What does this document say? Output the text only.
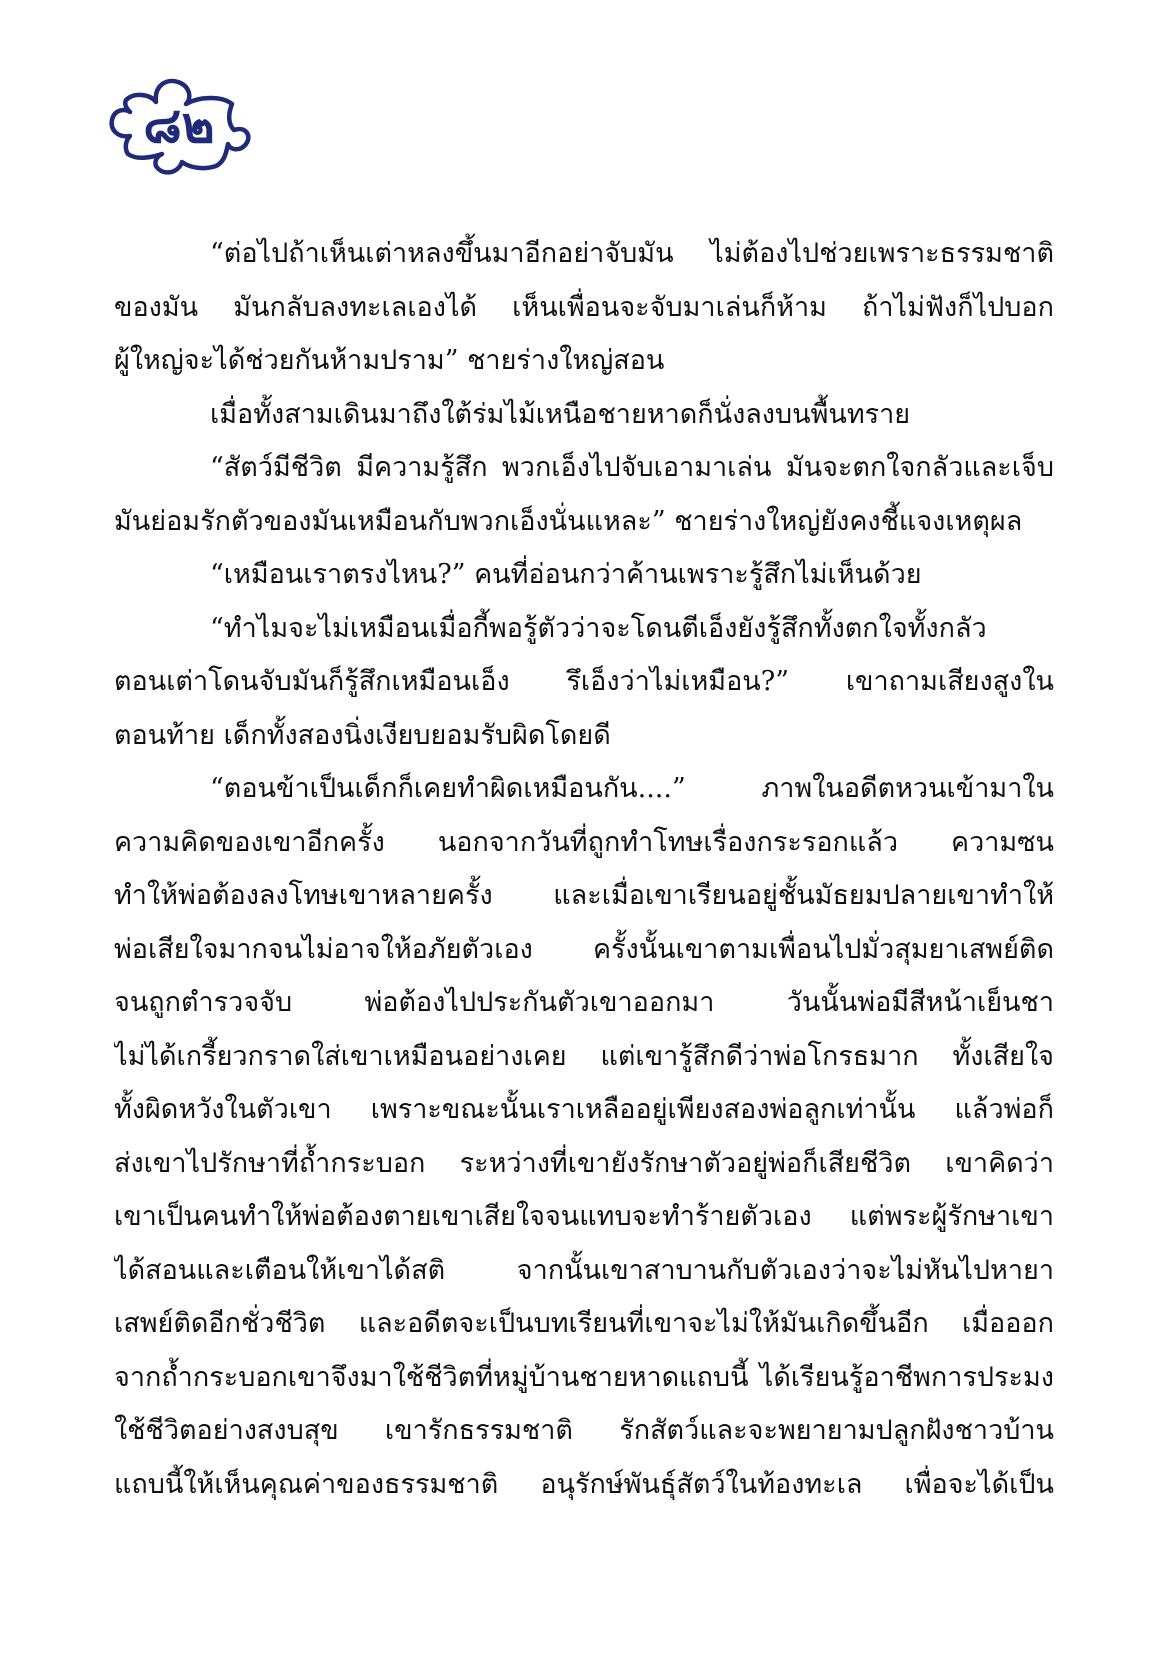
๘๒
“ต่อไปถ้าเห็นเต่าหลงขึ้นมาอีกอย่าจับมัน ไม่ต้องไปช่วยเพราะธรรมชาติ
ของมัน มันกลับลงทะเลเองได้ เห็นเพื่อนจะจับมาเล่นก็ห้าม ถ้าไม่ฟังก็ไปบอก
ผู้ใหญ่จะได้ช่วยกันห้ามปราม” ชายร่างใหญ่สอน
เมื่อทั้งสามเดินมาถึงใต้ร่มไม้เหนือชายหาดก็นั่งลงบนพื้นทราย
“สัตว์มีชีวิต มีความรู้สึก พวกเอ็งไปจับเอามาเล่น มันจะตกใจกลัวและเจ็บ
มันย่อมรักตัวของมันเหมือนกับพวกเอ็งนั่นแหละ” ชายร่างใหญ่ยังคงชี้แจงเหตุผล
“เหมือนเราตรงไหน?” คนที่อ่อนกว่าค้านเพราะรู้สึกไม่เห็นด้วย
“ทำไมจะไม่เหมือนเมื่อกี้พอรู้ตัวว่าจะโดนตีเอ็งยังรู้สึกทั้งตกใจทั้งกลัว
ตอนเต่าโดนจับมันก็รู้สึกเหมือนเอ็ง รึเอ็งว่าไม่เหมือน?” เขาถามเสียงสูงใน
ตอนท้าย เด็กทั้งสองนิ่งเงียบยอมรับผิดโดยดี
“ตอนข้าเป็นเด็กก็เคยทำผิดเหมือนกัน....” ภาพในอดีตหวนเข้ามาใน
ความคิดของเขาอีกครั้ง นอกจากวันที่ถูกทำโทษเรื่องกระรอกแล้ว ความซน
ทำให้พ่อต้องลงโทษเขาหลายครั้ง และเมื่อเขาเรียนอยู่ชั้นมัธยมปลายเขาทำให้
พ่อเสียใจมากจนไม่อาจให้อภัยตัวเอง ครั้งนั้นเขาตามเพื่อนไปมั่วสุมยาเสพย์ติด
จนถูกตำรวจจับ พ่อต้องไปประกันตัวเขาออกมา วันนั้นพ่อมีสีหน้าเย็นชา
ไม่ได้เกรี้ยวกราดใส่เขาเหมือนอย่างเคย แต่เขารู้สึกดีว่าพ่อโกรธมาก ทั้งเสียใจ
ทั้งผิดหวังในตัวเขา เพราะขณะนั้นเราเหลืออยู่เพียงสองพ่อลูกเท่านั้น แล้วพ่อก็
ส่งเขาไปรักษาที่ถ้ำกระบอก ระหว่างที่เขายังรักษาตัวอยู่พ่อก็เสียชีวิต เขาคิดว่า
เขาเป็นคนทำให้พ่อต้องตายเขาเสียใจจนแทบจะทำร้ายตัวเอง แต่พระผู้รักษาเขา
ได้สอนและเตือนให้เขาได้สติ จากนั้นเขาสาบานกับตัวเองว่าจะไม่หันไปหายา
เสพย์ติดอีกชั่วชีวิต และอดีตจะเป็นบทเรียนที่เขาจะไม่ให้มันเกิดขึ้นอีก เมื่อออก
จากถ้ำกระบอกเขาจึงมาใช้ชีวิตที่หมู่บ้านชายหาดแถบนี้ ได้เรียนรู้อาชีพการประมง
ใช้ชีวิตอย่างสงบสุข เขารักธรรมชาติ รักสัตว์และจะพยายามปลูกฝังชาวบ้าน
แถบนี้ให้เห็นคุณค่าของธรรมชาติ อนุรักษ์พันธุ์สัตว์ในท้องทะเล เพื่อจะได้เป็น
